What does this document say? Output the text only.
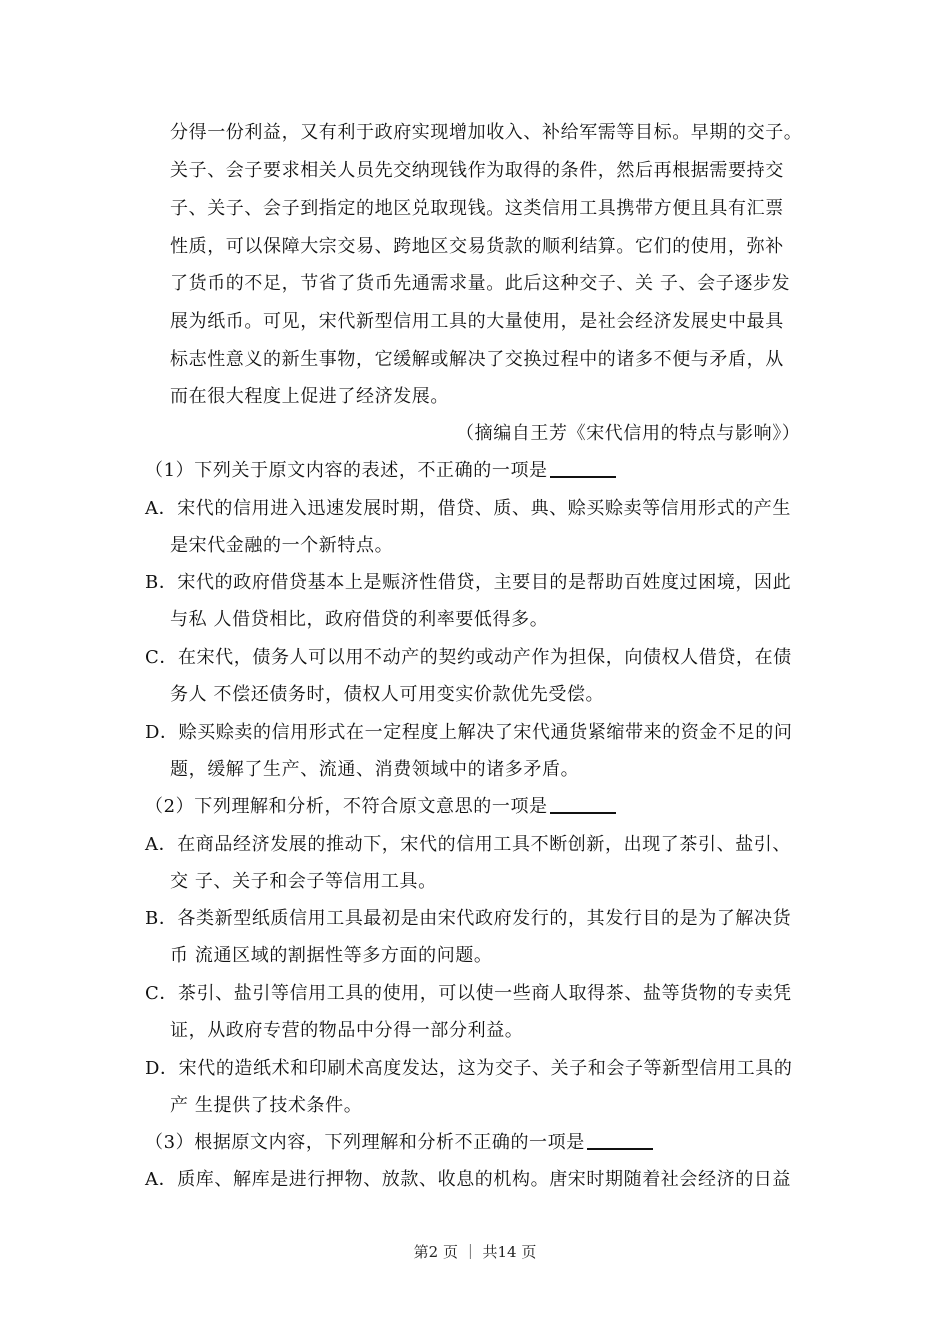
分得一份利益，又有利于政府实现增加收入、补给军需等目标。早期的交子。
关子、会子要求相关人员先交纳现钱作为取得的条件，然后再根据需要持交
子、关子、会子到指定的地区兑取现钱。这类信用工具携带方便且具有汇票
性质，可以保障大宗交易、跨地区交易货款的顺利结算。它们的使用，弥补
了货币的不足，节省了货币先通需求量。此后这种交子、关 子、会子逐步发
展为纸币。可见，宋代新型信用工具的大量使用，是社会经济发展史中最具
标志性意义的新生事物，它缓解或解决了交换过程中的诸多不便与矛盾，从
而在很大程度上促进了经济发展。
（摘编自王芳《宋代信用的特点与影响》）
（1）下列关于原文内容的表述，不正确的一项是
A．宋代的信用进入迅速发展时期，借贷、质、典、赊买赊卖等信用形式的产生
是宋代金融的一个新特点。
B．宋代的政府借贷基本上是赈济性借贷，主要目的是帮助百姓度过困境，因此
与私 人借贷相比，政府借贷的利率要低得多。
C．在宋代，债务人可以用不动产的契约或动产作为担保，向债权人借贷，在债
务人 不偿还债务时，债权人可用变实价款优先受偿。
D．赊买赊卖的信用形式在一定程度上解决了宋代通货紧缩带来的资金不足的问
题，缓解了生产、流通、消费领域中的诸多矛盾。
（2）下列理解和分析，不符合原文意思的一项是
A．在商品经济发展的推动下，宋代的信用工具不断创新，出现了茶引、盐引、
交 子、关子和会子等信用工具。
B．各类新型纸质信用工具最初是由宋代政府发行的，其发行目的是为了解决货
币 流通区域的割据性等多方面的问题。
C．茶引、盐引等信用工具的使用，可以使一些商人取得茶、盐等货物的专卖凭
证，从政府专营的物品中分得一部分利益。
D．宋代的造纸术和印刷术高度发达，这为交子、关子和会子等新型信用工具的
产 生提供了技术条件。
（3）根据原文内容，下列理解和分析不正确的一项是
A．质库、解库是进行押物、放款、收息的机构。唐宋时期随着社会经济的日益
第2 页 ｜ 共14 页
